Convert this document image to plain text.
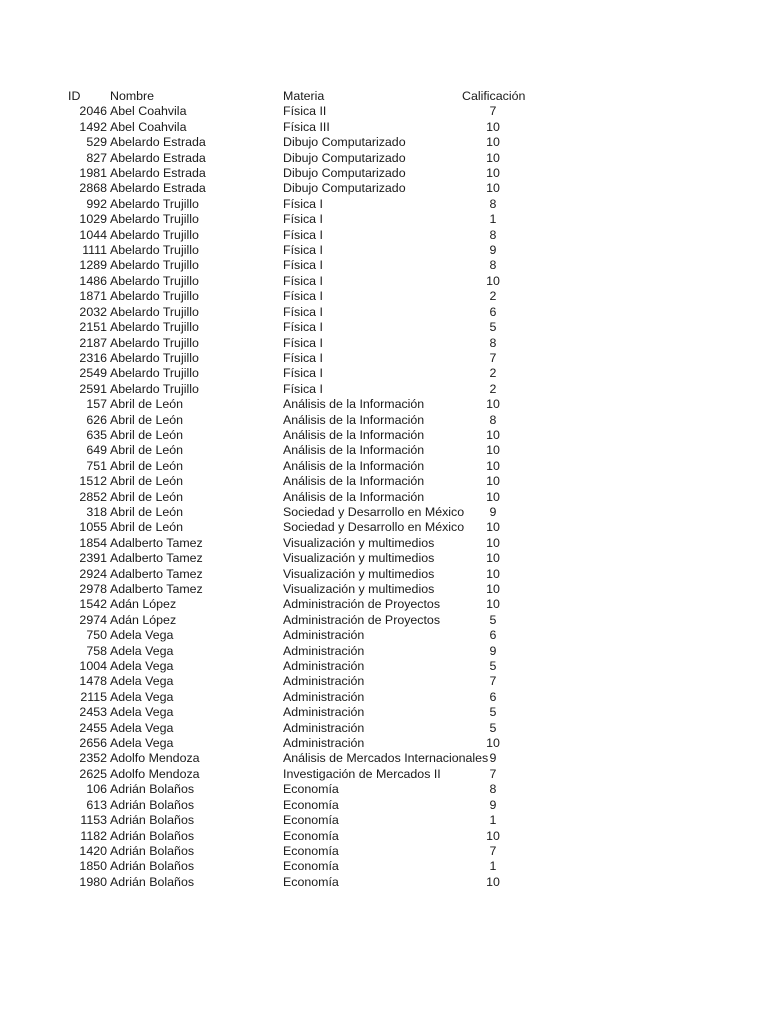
ID	Nombre	Materia	Calificación
2046 Abel Coahvila	Física II	7
1492 Abel Coahvila	Física III	10
529 Abelardo Estrada	Dibujo Computarizado	10
827 Abelardo Estrada	Dibujo Computarizado	10
1981 Abelardo Estrada	Dibujo Computarizado	10
2868 Abelardo Estrada	Dibujo Computarizado	10
992 Abelardo Trujillo	Física I	8
1029 Abelardo Trujillo	Física I	1
1044 Abelardo Trujillo	Física I	8
1111 Abelardo Trujillo	Física I	9
1289 Abelardo Trujillo	Física I	8
1486 Abelardo Trujillo	Física I	10
1871 Abelardo Trujillo	Física I	2
2032 Abelardo Trujillo	Física I	6
2151 Abelardo Trujillo	Física I	5
2187 Abelardo Trujillo	Física I	8
2316 Abelardo Trujillo	Física I	7
2549 Abelardo Trujillo	Física I	2
2591 Abelardo Trujillo	Física I	2
157 Abril de León	Análisis de la Información	10
626 Abril de León	Análisis de la Información	8
635 Abril de León	Análisis de la Información	10
649 Abril de León	Análisis de la Información	10
751 Abril de León	Análisis de la Información	10
1512 Abril de León	Análisis de la Información	10
2852 Abril de León	Análisis de la Información	10
318 Abril de León	Sociedad y Desarrollo en México	9
1055 Abril de León	Sociedad y Desarrollo en México	10
1854 Adalberto Tamez	Visualización y multimedios	10
2391 Adalberto Tamez	Visualización y multimedios	10
2924 Adalberto Tamez	Visualización y multimedios	10
2978 Adalberto Tamez	Visualización y multimedios	10
1542 Adán López	Administración de Proyectos	10
2974 Adán López	Administración de Proyectos	5
750 Adela Vega	Administración	6
758 Adela Vega	Administración	9
1004 Adela Vega	Administración	5
1478 Adela Vega	Administración	7
2115 Adela Vega	Administración	6
2453 Adela Vega	Administración	5
2455 Adela Vega	Administración	5
2656 Adela Vega	Administración	10
2352 Adolfo Mendoza	Análisis de Mercados Internacionales 9
2625 Adolfo Mendoza	Investigación de Mercados II	7
106 Adrián Bolaños	Economía	8
613 Adrián Bolaños	Economía	9
1153 Adrián Bolaños	Economía	1
1182 Adrián Bolaños	Economía	10
1420 Adrián Bolaños	Economía	7
1850 Adrián Bolaños	Economía	1
1980 Adrián Bolaños	Economía	10
